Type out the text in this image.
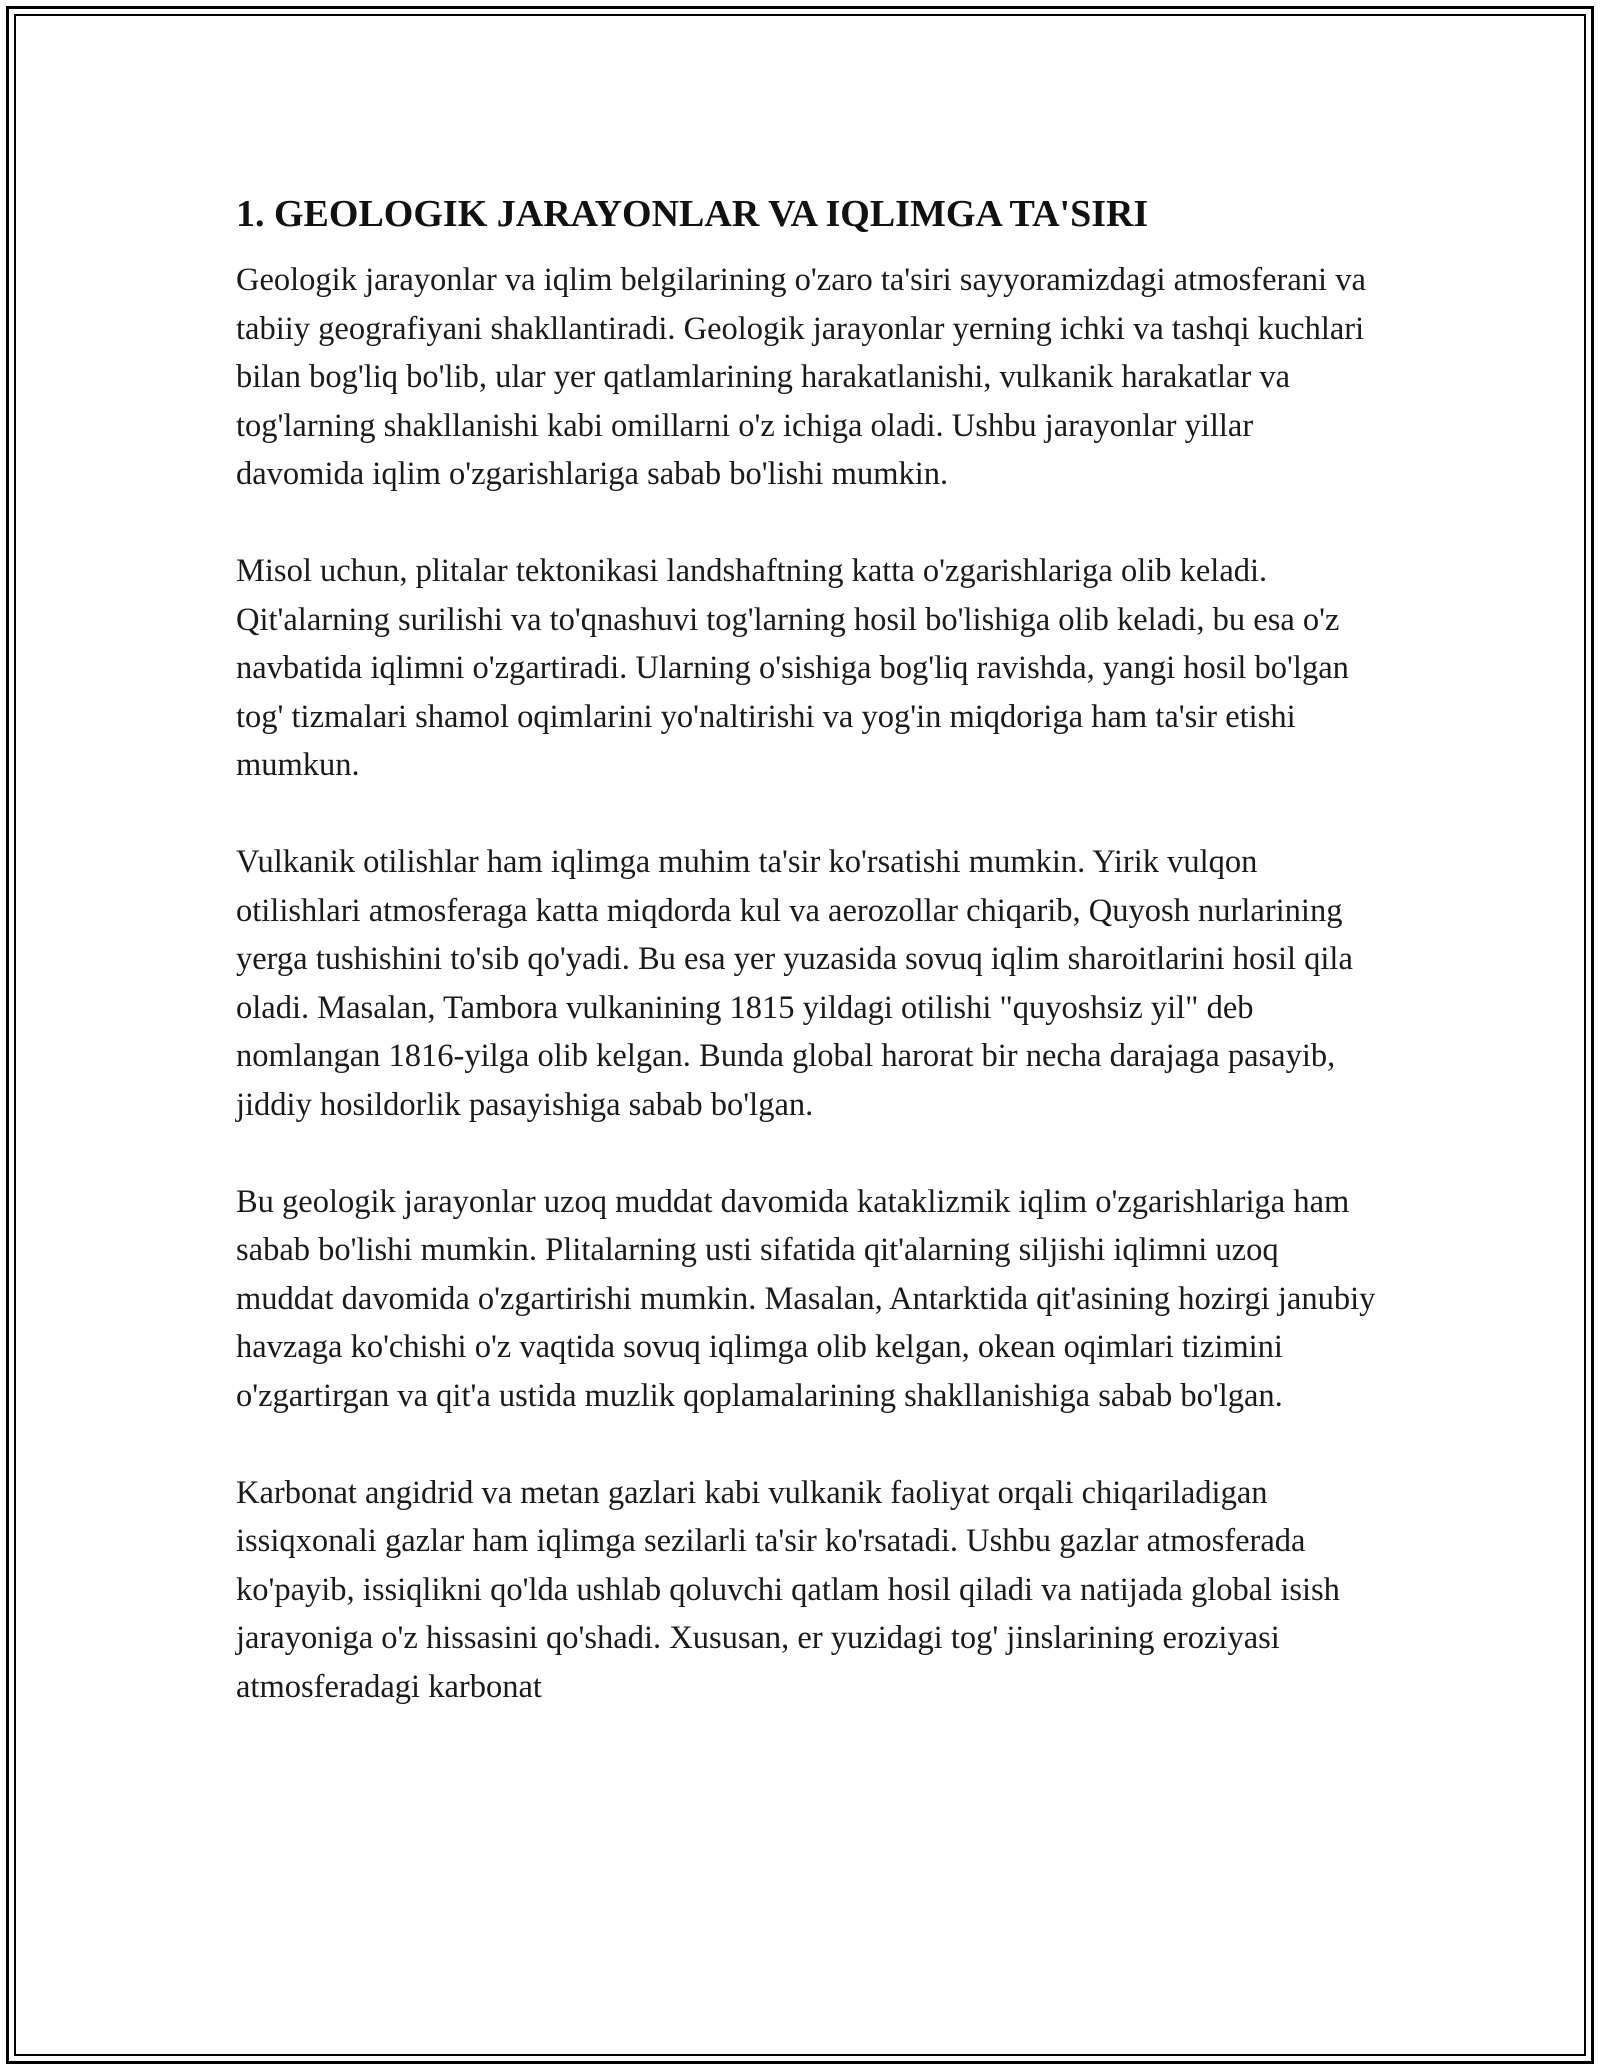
1. GEOLOGIK JARAYONLAR VA IQLIMGA TA'SIRI

Geologik jarayonlar va iqlim belgilarining o'zaro ta'siri sayyoramizdagi atmosferani va tabiiy geografiyani shakllantiradi. Geologik jarayonlar yerning ichki va tashqi kuchlari bilan bog'liq bo'lib, ular yer qatlamlarining harakatlanishi, vulkanik harakatlar va tog'larning shakllanishi kabi omillarni o'z ichiga oladi. Ushbu jarayonlar yillar davomida iqlim o'zgarishlariga sabab bo'lishi mumkin.

Misol uchun, plitalar tektonikasi landshaftning katta o'zgarishlariga olib keladi. Qit'alarning surilishi va to'qnashuvi tog'larning hosil bo'lishiga olib keladi, bu esa o'z navbatida iqlimni o'zgartiradi. Ularning o'sishiga bog'liq ravishda, yangi hosil bo'lgan tog' tizmalari shamol oqimlarini yo'naltirishi va yog'in miqdoriga ham ta'sir etishi mumkun.

Vulkanik otilishlar ham iqlimga muhim ta'sir ko'rsatishi mumkin. Yirik vulqon otilishlari atmosferaga katta miqdorda kul va aerozollar chiqarib, Quyosh nurlarining yerga tushishini to'sib qo'yadi. Bu esa yer yuzasida sovuq iqlim sharoitlarini hosil qila oladi. Masalan, Tambora vulkanining 1815 yildagi otilishi "quyoshsiz yil" deb nomlangan 1816-yilga olib kelgan. Bunda global harorat bir necha darajaga pasayib, jiddiy hosildorlik pasayishiga sabab bo'lgan.

Bu geologik jarayonlar uzoq muddat davomida kataklizmik iqlim o'zgarishlariga ham sabab bo'lishi mumkin. Plitalarning usti sifatida qit'alarning siljishi iqlimni uzoq muddat davomida o'zgartirishi mumkin. Masalan, Antarktida qit'asining hozirgi janubiy havzaga ko'chishi o'z vaqtida sovuq iqlimga olib kelgan, okean oqimlari tizimini o'zgartirgan va qit'a ustida muzlik qoplamalarining shakllanishiga sabab bo'lgan.

Karbonat angidrid va metan gazlari kabi vulkanik faoliyat orqali chiqariladigan issiqxonali gazlar ham iqlimga sezilarli ta'sir ko'rsatadi. Ushbu gazlar atmosferada ko'payib, issiqlikni qo'lda ushlab qoluvchi qatlam hosil qiladi va natijada global isish jarayoniga o'z hissasini qo'shadi. Xususan, er yuzidagi tog' jinslarining eroziyasi atmosferadagi karbonat
